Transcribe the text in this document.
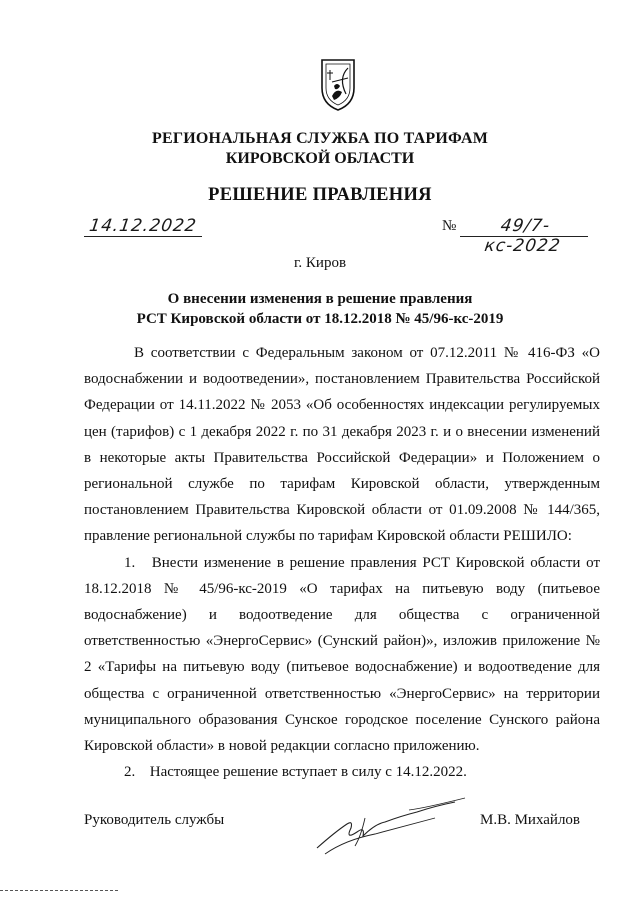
РЕГИОНАЛЬНАЯ СЛУЖБА ПО ТАРИФАМ
КИРОВСКОЙ ОБЛАСТИ
РЕШЕНИЕ ПРАВЛЕНИЯ
14.12.2022	№	49/7-кс-2022
г. Киров
О внесении изменения в решение правления
РСТ Кировской области от 18.12.2018 № 45/96-кс-2019

В соответствии с Федеральным законом от 07.12.2011 № 416-ФЗ «О водоснабжении и водоотведении», постановлением Правительства Российской Федерации от 14.11.2022 № 2053 «Об особенностях индексации регулируемых цен (тарифов) с 1 декабря 2022 г. по 31 декабря 2023 г. и о внесении изменений в некоторые акты Правительства Российской Федерации» и Положением о региональной службе по тарифам Кировской области, утвержденным постановлением Правительства Кировской области от 01.09.2008 № 144/365, правление региональной службы по тарифам Кировской области РЕШИЛО:

1. Внести изменение в решение правления РСТ Кировской области от 18.12.2018 № 45/96-кс-2019 «О тарифах на питьевую воду (питьевое водоснабжение) и водоотведение для общества с ограниченной ответственностью «ЭнергоСервис» (Сунский район)», изложив приложение № 2 «Тарифы на питьевую воду (питьевое водоснабжение) и водоотведение для общества с ограниченной ответственностью «ЭнергоСервис» на территории муниципального образования Сунское городское поселение Сунского района Кировской области» в новой редакции согласно приложению.

2. Настоящее решение вступает в силу с 14.12.2022.

Руководитель службы	М.В. Михайлов
